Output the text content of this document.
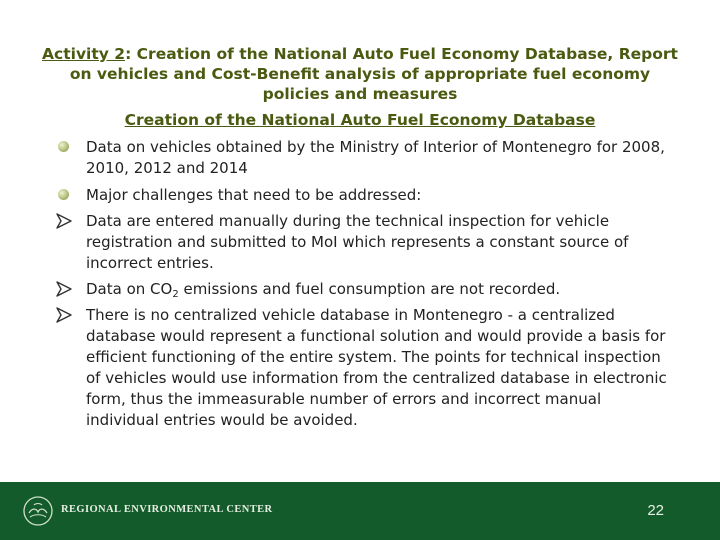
Activity 2: Creation of the National Auto Fuel Economy Database, Report on vehicles and Cost-Benefit analysis of appropriate fuel economy policies and measures
Creation of the National Auto Fuel Economy Database
Data on vehicles obtained by the Ministry of Interior of Montenegro for 2008, 2010, 2012 and 2014
Major challenges that need to be addressed:
Data are entered manually during the technical inspection for vehicle registration and submitted to MoI which represents a constant source of incorrect entries.
Data on $CO_2$ emissions and fuel consumption are not recorded.
There is no centralized vehicle database in Montenegro - a centralized database would represent a functional solution and would provide a basis for efficient functioning of the entire system. The points for technical inspection of vehicles would use information from the centralized database in electronic form, thus the immeasurable number of errors and incorrect manual individual entries would be avoided.
REGIONAL ENVIRONMENTAL CENTER	22
